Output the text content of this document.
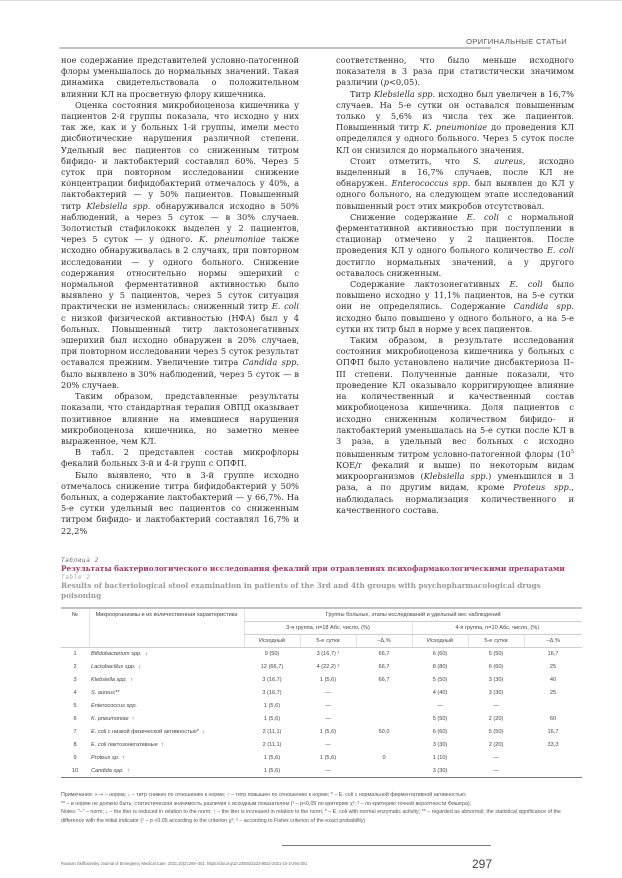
ОРИГИНАЛЬНЫЕ СТАТЬИ

ное содержание представителей условно-патогенной флоры уменьшалось до нормальных значений. Такая динамика свидетельствовала о положительном влиянии КЛ на просветную флору кишечника.

Оценка состояния микробиоценоза кишечника у пациентов 2-й группы показала, что исходно у них так же, как и у больных 1-й группы, имели место дисбиотические нарушения различной степени. Удельный вес пациентов со сниженным титром бифидо- и лактобактерий составлял 60%. Через 5 суток при повторном исследовании снижение концентрации бифидобактерий отмечалось у 40%, а лактобактерий — у 50% пациентов. Повышенный титр Klebsiella spp. обнаруживался исходно в 50% наблюдений, а через 5 суток — в 30% случаев. Золотистый стафилококк выделен у 2 пациентов, через 5 суток — у одного. K. pneumoniae также исходно обнаруживалась в 2 случаях, при повторном исследовании — у одного больного. Снижение содержания относительно нормы эшерихий с нормальной ферментативной активностью было выявлено у 5 пациентов, через 5 суток ситуация практически не изменилась: сниженный титр E. coli с низкой физической активностью (НФА) был у 4 больных. Повышенный титр лактозонегативных эшерихий был исходно обнаружен в 20% случаев, при повторном исследовании через 5 суток результат оставался прежним. Увеличение титра Candida spp. было выявлено в 30% наблюдений, через 5 суток — в 20% случаев.

Таким образом, представленные результаты показали, что стандартная терапия ОВПД оказывает позитивное влияние на имевшиеся нарушения микробиоценоза кишечника, но заметно менее выраженное, чем КЛ.

В табл. 2 представлен состав микрофлоры фекалий больных 3-й и 4-й групп с ОПФП.

Было выявлено, что в 3-й группе исходно отмечалось снижение титра бифидобактерий у 50% больных, а содержание лактобактерий — у 66,7%. На 5-е сутки удельный вес пациентов со сниженным титром бифидо- и лактобактерий составлял 16,7% и 22,2%

соответственно, что было меньше исходного показателя в 3 раза при статистически значимом различии (p<0,05).

Титр Klebsiella spp. исходно был увеличен в 16,7% случаев. На 5-е сутки он оставался повышенным только у 5,6% из числа тех же пациентов. Повышенный титр K. pneumoniae до проведения КЛ определялся у одного больного. Через 5 суток после КЛ он снизился до нормального значения.

Стоит отметить, что S. aureus, исходно выделенный в 16,7% случаев, после КЛ не обнаружен. Enterococcus spp. был выявлен до КЛ у одного больного, на следующем этапе исследований повышенный рост этих микробов отсутствовал.

Снижение содержание E. coli с нормальной ферментативной активностью при поступлении в стационар отмечено у 2 пациентов. После проведения КЛ у одного больного количество E. coli достигло нормальных значений, а у другого оставалось сниженным.

Содержание лактозонегативных E. coli было повышено исходно у 11,1% пациентов, на 5-е сутки они не определялись. Содержание Candida spp. исходно было повышено у одного больного, а на 5-е сутки их титр был в норме у всех пациентов.

Таким образом, в результате исследования состояния микробиоценоза кишечника у больных с ОПФП было установлено наличие дисбактериоза II–III степени. Полученные данные показали, что проведение КЛ оказывало корригирующее влияние на количественный и качественный состав микробиоценоза кишечника. Доля пациентов с исходно сниженным количеством бифидо- и лактобактерий уменьшалась на 5-е сутки после КЛ в 3 раза, а удельный вес больных с исходно повышенным титром условно-патогенной флоры ($10^5$ КОЕ/г фекалий и выше) по некоторым видам микроорганизмов (Klebsiella spp.) уменьшился в 3 раза, а по другим видам, кроме Proteus spp., наблюдалась нормализация количественного и качественного состава.

Таблица 2
Результаты бактериологического исследования фекалий при отравлениях психофармакологическими препаратами
Table 2
Results of bacteriological stool examination in patients of the 3rd and 4th groups with psychopharmacological drugs poisoning
№	Микроорганизмы и их количественная характеристика	Группы больных, этапы исследований и удельный вес наблюдений					
		3-я группа, n=18 Абс. число, (%)			4-я группа, n=10 Абс. число, (%)		
		Исходный	5-е сутки	–Δ,%	Исходный	5-е сутки	–Δ,%
1	Bifidobacterium spp. ↓	9 (50)	3 (16,7) ¹	66,7	6 (60)	5 (50)	16,7
2	Lactobacillus spp. ↓	12 (66,7)	4 (22,2) ²	66,7	8 (80)	6 (60)	25
3	Klebsiella spp. ↑	3 (16,7)	1 (5,6)	66,7	5 (50)	3 (30)	40
4	S. aureus**	3 (16,7)	—		4 (40)	3 (30)	25
5	Enterococcus spp.	1 (5,6)	—		—	—	
6	K. pneumoniae ↑	1 (5,6)	—		5 (50)	2 (20)	60
7	E. coli с низкой физической активностью* ↓	2 (11,1)	1 (5,6)	50,0	6 (60)	5 (50)	16,7
8	E. coli лактозонегативные ↑	2 (11,1)	—		3 (30)	2 (20)	33,3
9	Proteus sp. ↑	1 (5,6)	1 (5,6)	0	1 (10)	—	
10	Candida spp. ↑	1 (5,6)	—		3 (30)	—	
Примечания: «–» – норма; ↓ – титр снижен по отношению к норме; ↑ – титр повышен по отношению к норме; * – E. coli с нормальной ферментативной активностью;
** – в норме не должно быть; статистическая значимость различия с исходным показателем (¹ – p<0,05 по критерию χ²; ² – по критерию точной вероятности Фишера);
Notes: "–" – norm; ↓ – the titer is reduced in relation to the norm; ↑ – the titer is increased in relation to the norm; * – E. coli with normal enzymatic activity; ** – regarded as abnormal; the statistical significance of the difference with the initial indicator (¹ – p <0.05 according to the criterion χ²; ² – according to Fisher criterion of the exact probability)
Russian Sklifosovsky Journal of Emergency Medical Care. 2021;10(2):294–301. https://doi.org/10.23934/2223-9022-2021-10-2-294-301	297
